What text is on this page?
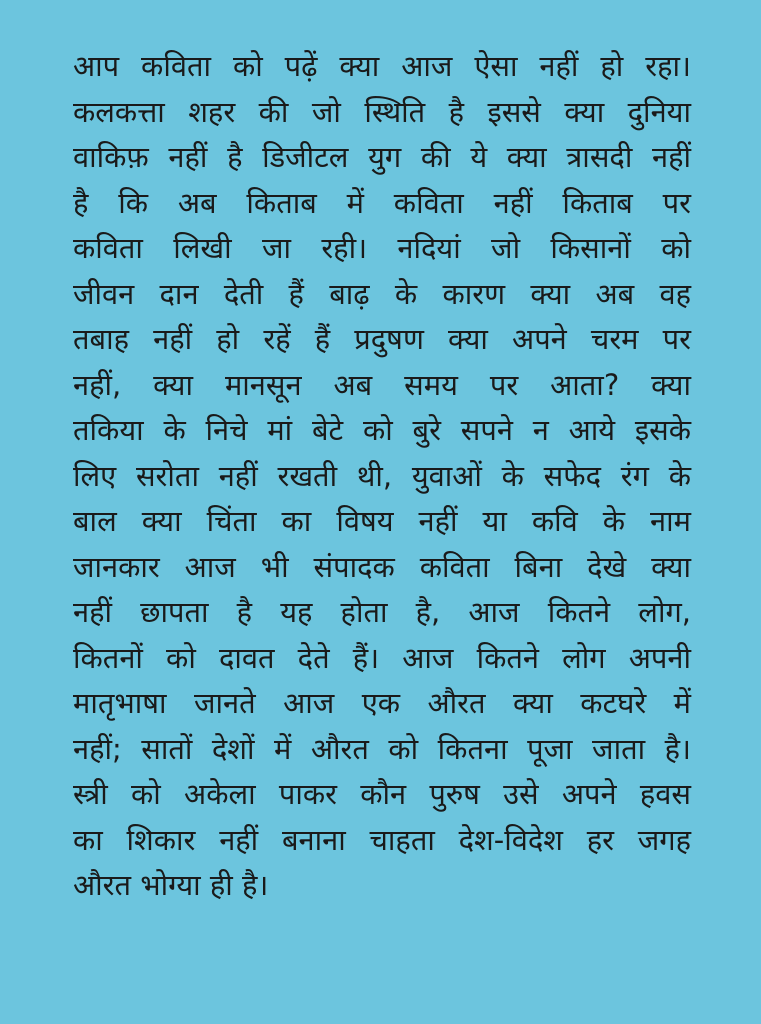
आप कविता को पढ़ें क्या आज ऐसा नहीं हो रहा।
कलकत्ता शहर की जो स्थिति है इससे क्या दुनिया
वाकिफ़ नहीं है डिजीटल युग की ये क्या त्रासदी नहीं
है कि अब किताब में कविता नहीं किताब पर
कविता लिखी जा रही। नदियां जो किसानों को
जीवन दान देती हैं बाढ़ के कारण क्या अब वह
तबाह नहीं हो रहें हैं प्रदुषण क्या अपने चरम पर
नहीं, क्या मानसून अब समय पर आता? क्या
तकिया के निचे मां बेटे को बुरे सपने न आये इसके
लिए सरोता नहीं रखती थी, युवाओं के सफेद रंग के
बाल क्या चिंता का विषय नहीं या कवि के नाम
जानकार आज भी संपादक कविता बिना देखे क्या
नहीं छापता है यह होता है, आज कितने लोग,
कितनों को दावत देते हैं। आज कितने लोग अपनी
मातृभाषा जानते आज एक औरत क्या कटघरे में
नहीं; सातों देशों में औरत को कितना पूजा जाता है।
स्त्री को अकेला पाकर कौन पुरुष उसे अपने हवस
का शिकार नहीं बनाना चाहता देश-विदेश हर जगह
औरत भोग्या ही है।
